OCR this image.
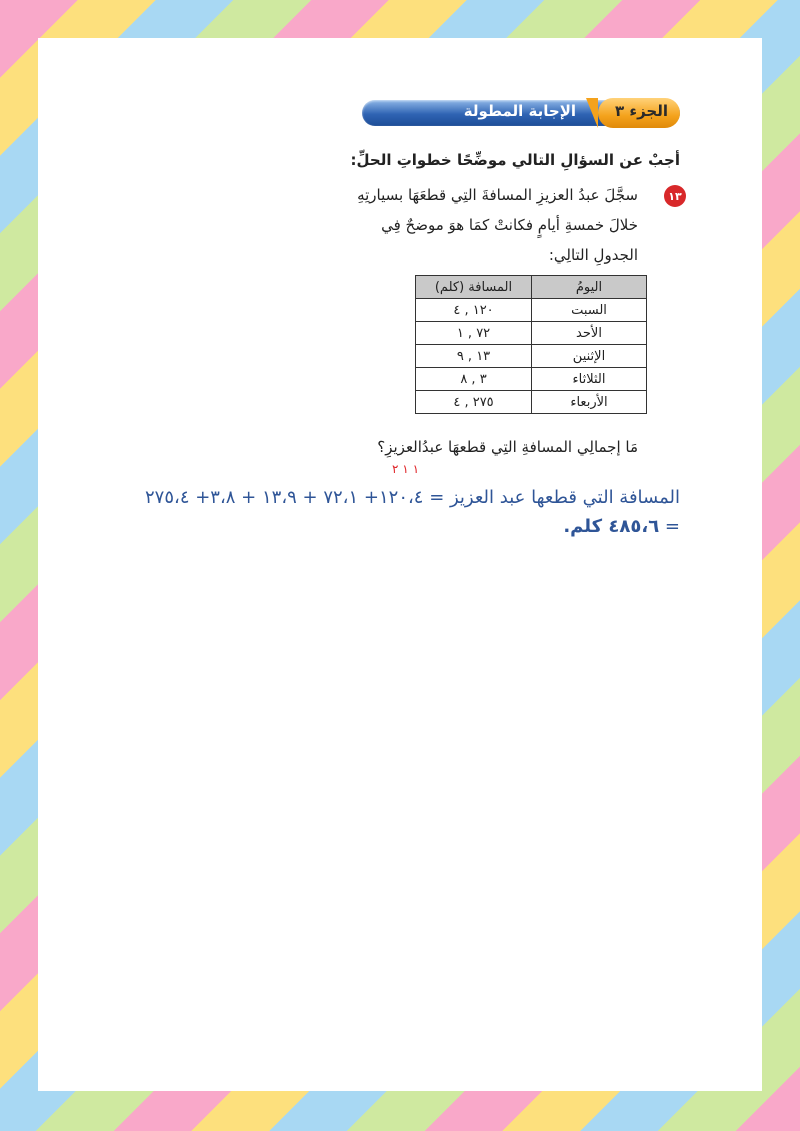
الجزء ٣
الإجابة المطولة
أجبْ عن السؤالِ التالي موضِّحًا خطواتِ الحلِّ:
١٣
سجَّلَ عبدُ العزيزِ المسافةَ التِي قطعَهَا بسيارتِهِ
خلالَ خمسةِ أيامٍ فكانتْ كمَا هوَ موضحٌ فِي
الجدولِ التالِي:
اليومُ	المسافة (كلم)
السبت	١٢٠ , ٤
الأحد	٧٢ , ١
الإثنين	١٣ , ٩
الثلاثاء	٣ , ٨
الأربعاء	٢٧٥ , ٤
مَا إجمالِي المسافةِ التِي قطعهَا عبدُالعزيزِ؟
١ ١ ٢
المسافة التي قطعها عبد العزيز = ١٢٠،٤+ ٧٢،١ + ١٣،٩ + ٣،٨+ ٢٧٥،٤
= ٤٨٥،٦ كلم.
